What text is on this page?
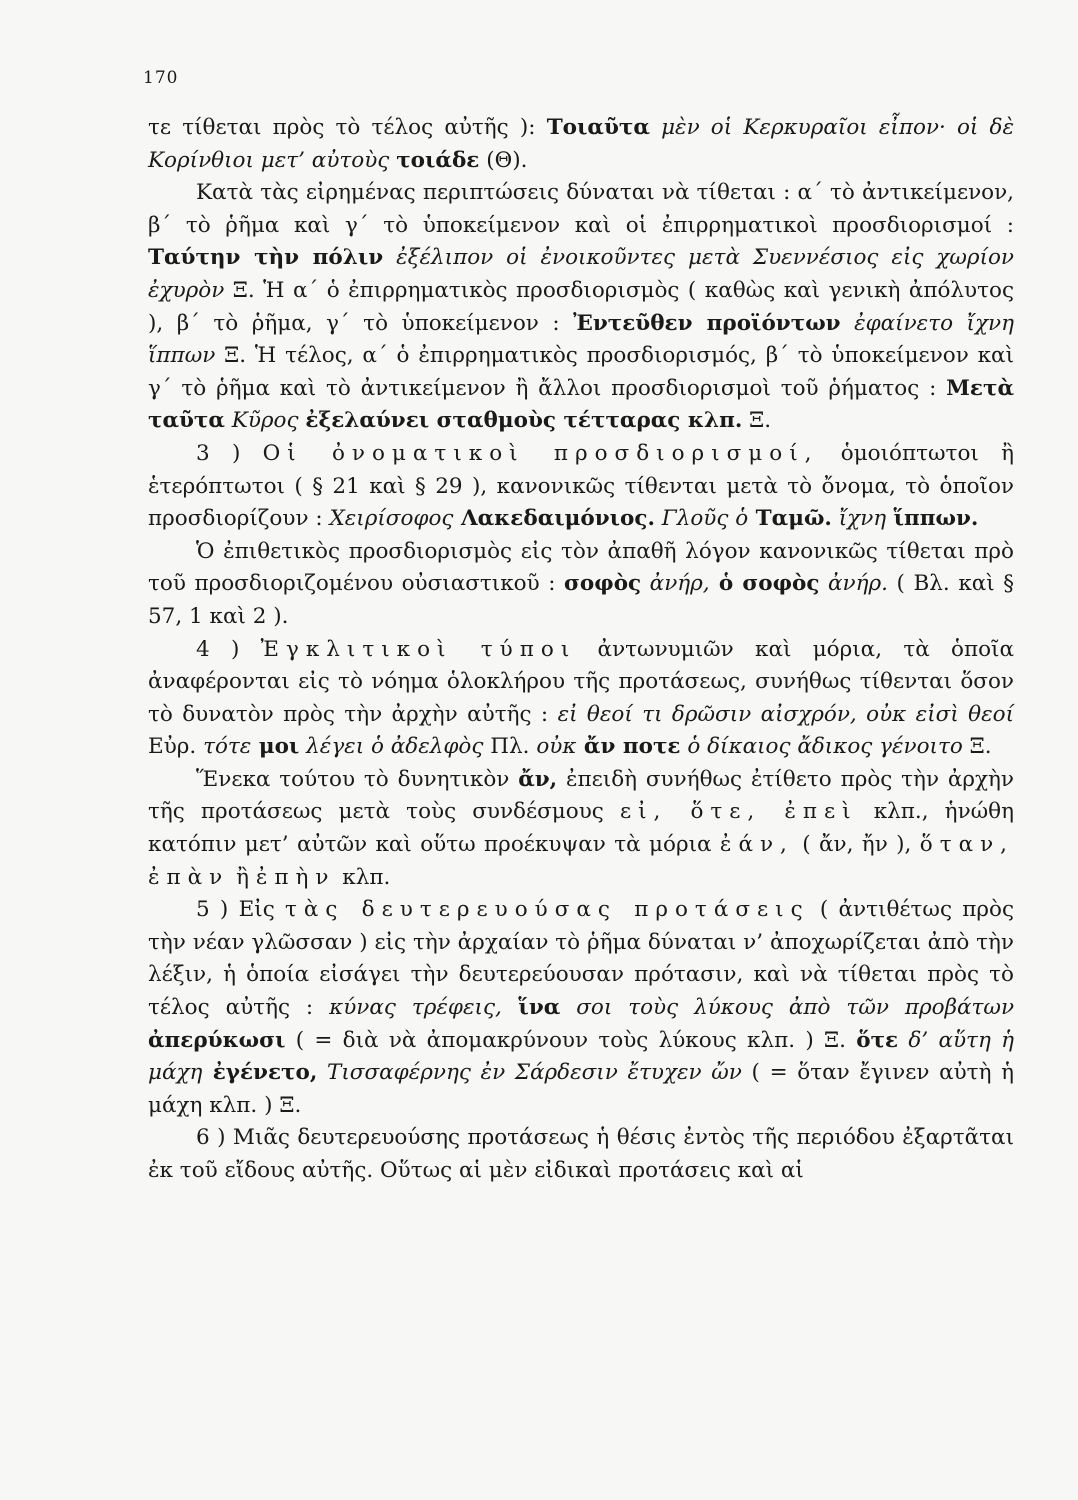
170

τε τίθεται πρὸς τὸ τέλος αὐτῆς ): Τοιαῦτα μὲν οἱ Κερκυραῖοι εἶπον· οἱ δὲ Κορίνθιοι μετ’ αὐτοὺς τοιάδε (Θ).

Κατὰ τὰς εἰρημένας περιπτώσεις δύναται νὰ τίθεται : α΄ τὸ ἀντικείμενον, β΄ τὸ ῥῆμα καὶ γ΄ τὸ ὑποκείμενον καὶ οἱ ἐπιρρηματικοὶ προσδιορισμοί : Ταύτην τὴν πόλιν ἐξέλιπον οἱ ἐνοικοῦντες μετὰ Συεννέσιος εἰς χωρίον ἐχυρὸν Ξ. Ἡ α΄ ὁ ἐπιρρηματικὸς προσδιορισμὸς ( καθὼς καὶ γενικὴ ἀπόλυτος ), β΄ τὸ ῥῆμα, γ΄ τὸ ὑποκείμενον : Ἐντεῦθεν προϊόντων ἐφαίνετο ἴχνη ἵππων Ξ. Ἡ τέλος, α΄ ὁ ἐπιρρηματικὸς προσδιορισμός, β΄ τὸ ὑποκείμενον καὶ γ΄ τὸ ῥῆμα καὶ τὸ ἀντικείμενον ἢ ἄλλοι προσδιορισμοὶ τοῦ ῥήματος : Μετὰ ταῦτα Κῦρος ἐξελαύνει σταθμοὺς τέτταρας κλπ. Ξ.

3 ) Οἱ ὀνοματικοὶ προσδιορισμοί, ὁμοιόπτωτοι ἢ ἑτερόπτωτοι ( § 21 καὶ § 29 ), κανονικῶς τίθενται μετὰ τὸ ὄνομα, τὸ ὁποῖον προσδιορίζουν : Χειρίσοφος Λακεδαιμόνιος. Γλοῦς ὁ Ταμῶ. ἴχνη ἵππων.

Ὁ ἐπιθετικὸς προσδιορισμὸς εἰς τὸν ἀπαθῆ λόγον κανονικῶς τίθεται πρὸ τοῦ προσδιοριζομένου οὐσιαστικοῦ : σοφὸς ἀνήρ, ὁ σοφὸς ἀνήρ. ( Βλ. καὶ § 57, 1 καὶ 2 ).

4 ) Ἐγκλιτικοὶ τύποι ἀντωνυμιῶν καὶ μόρια, τὰ ὁποῖα ἀναφέρονται εἰς τὸ νόημα ὁλοκλήρου τῆς προτάσεως, συνήθως τίθενται ὅσον τὸ δυνατὸν πρὸς τὴν ἀρχὴν αὐτῆς : εἰ θεοί τι δρῶσιν αἰσχρόν, οὐκ εἰσὶ θεοί Εὐρ. τότε μοι λέγει ὁ ἀδελφὸς Πλ. οὐκ ἄν ποτε ὁ δίκαιος ἄδικος γένοιτο Ξ.

Ἕνεκα τούτου τὸ δυνητικὸν ἄν, ἐπειδὴ συνήθως ἐτίθετο πρὸς τὴν ἀρχὴν τῆς προτάσεως μετὰ τοὺς συνδέσμους εἰ, ὅτε, ἐπεὶ κλπ., ἡνώθη κατόπιν μετ’ αὐτῶν καὶ οὕτω προέκυψαν τὰ μόρια ἐάν, ( ἄν, ἤν ), ὅταν, ἐπὰν ἢ ἐπὴν κλπ.

5 ) Εἰς τὰς δευτερευούσας προτάσεις ( ἀντιθέτως πρὸς τὴν νέαν γλῶσσαν ) εἰς τὴν ἀρχαίαν τὸ ῥῆμα δύναται ν’ ἀποχωρίζεται ἀπὸ τὴν λέξιν, ἡ ὁποία εἰσάγει τὴν δευτερεύουσαν πρότασιν, καὶ νὰ τίθεται πρὸς τὸ τέλος αὐτῆς : κύνας τρέφεις, ἵνα σοι τοὺς λύκους ἀπὸ τῶν προβάτων ἀπερύκωσι ( = διὰ νὰ ἀπομακρύνουν τοὺς λύκους κλπ. ) Ξ. ὅτε δ’ αὕτη ἡ μάχη ἐγένετο, Τισσαφέρνης ἐν Σάρδεσιν ἔτυχεν ὤν ( = ὅταν ἔγινεν αὐτὴ ἡ μάχη κλπ. ) Ξ.

6 ) Μιᾶς δευτερευούσης προτάσεως ἡ θέσις ἐντὸς τῆς περιόδου ἐξαρτᾶται ἐκ τοῦ εἴδους αὐτῆς. Οὕτως αἱ μὲν εἰδικαὶ προτάσεις καὶ αἱ
